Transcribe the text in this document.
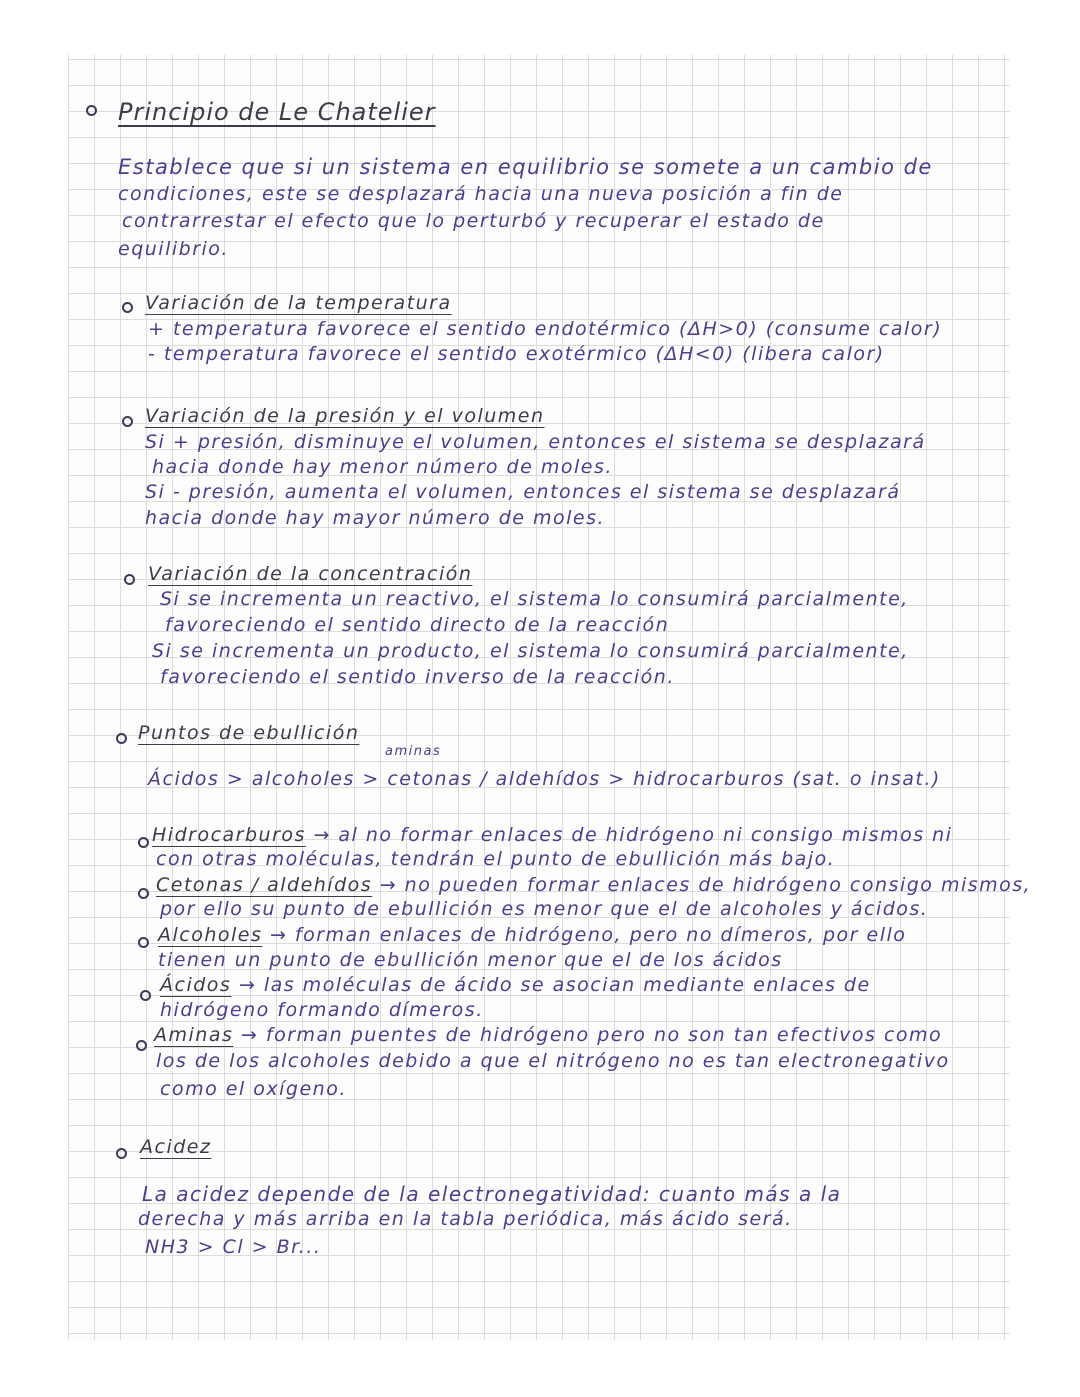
Principio de Le Chatelier
Establece que si un sistema en equilibrio se somete a un cambio de
condiciones, este se desplazará hacia una nueva posición a fin de
contrarrestar el efecto que lo perturbó y recuperar el estado de
equilibrio.
Variación de la temperatura
+ temperatura favorece el sentido endotérmico (ΔH>0) (consume calor)
- temperatura favorece el sentido exotérmico (ΔH<0) (libera calor)
Variación de la presión y el volumen
Si + presión, disminuye el volumen, entonces el sistema se desplazará
hacia donde hay menor número de moles.
Si - presión, aumenta el volumen, entonces el sistema se desplazará
hacia donde hay mayor número de moles.
Variación de la concentración
Si se incrementa un reactivo, el sistema lo consumirá parcialmente,
favoreciendo el sentido directo de la reacción
Si se incrementa un producto, el sistema lo consumirá parcialmente,
favoreciendo el sentido inverso de la reacción.
Puntos de ebullición
aminas
Ácidos > alcoholes > cetonas / aldehídos > hidrocarburos (sat. o insat.)
Hidrocarburos → al no formar enlaces de hidrógeno ni consigo mismos ni
con otras moléculas, tendrán el punto de ebullición más bajo.
Cetonas / aldehídos → no pueden formar enlaces de hidrógeno consigo mismos,
por ello su punto de ebullición es menor que el de alcoholes y ácidos.
Alcoholes → forman enlaces de hidrógeno, pero no dímeros, por ello
tienen un punto de ebullición menor que el de los ácidos
Ácidos → las moléculas de ácido se asocian mediante enlaces de
hidrógeno formando dímeros.
Aminas → forman puentes de hidrógeno pero no son tan efectivos como
los de los alcoholes debido a que el nitrógeno no es tan electronegativo
como el oxígeno.
Acidez
La acidez depende de la electronegatividad: cuanto más a la
derecha y más arriba en la tabla periódica, más ácido será.
NH3 > Cl > Br...
